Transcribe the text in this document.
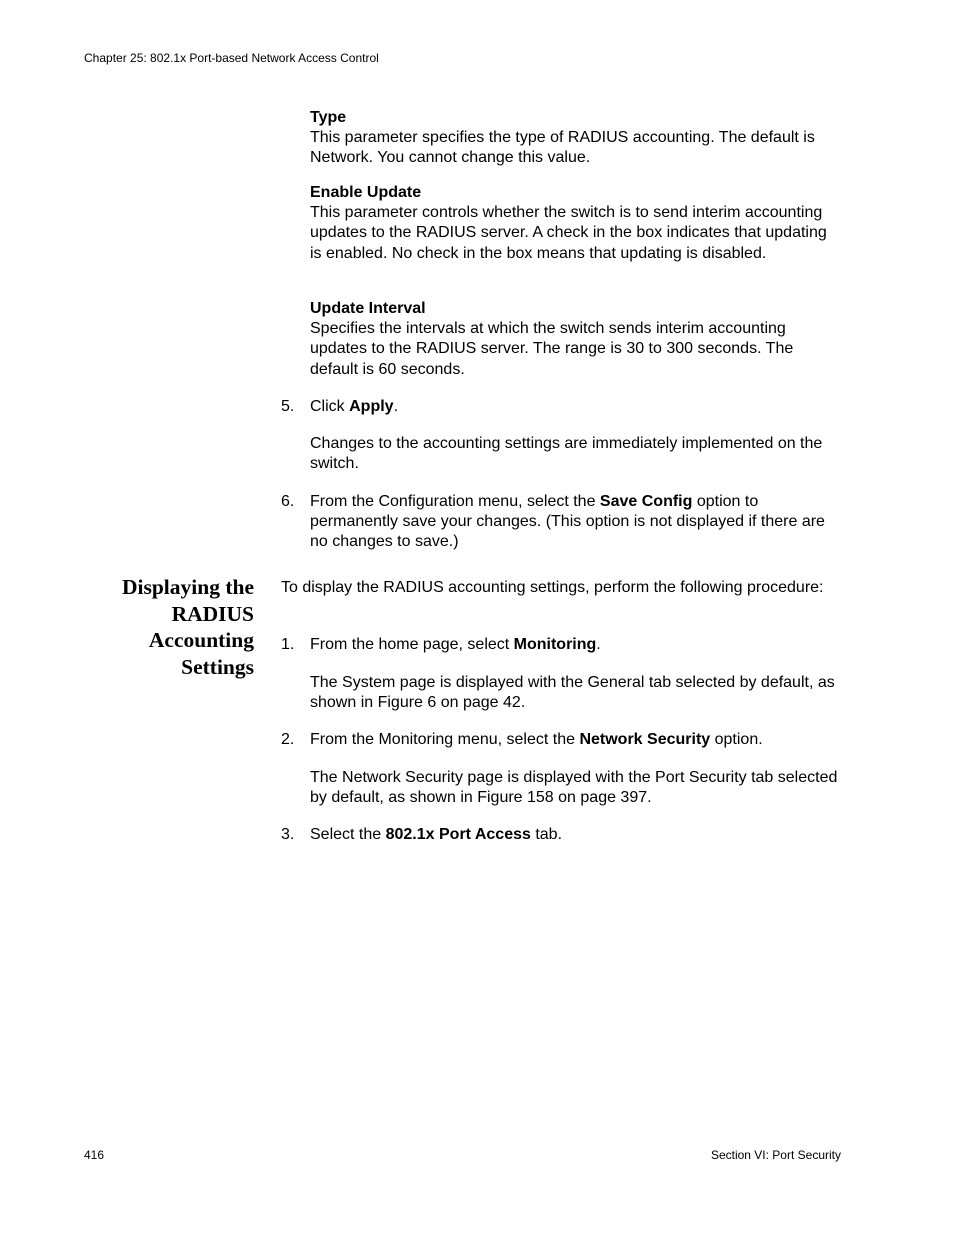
Chapter 25: 802.1x Port-based Network Access Control
Type
This parameter specifies the type of RADIUS accounting. The default is Network. You cannot change this value.
Enable Update
This parameter controls whether the switch is to send interim accounting updates to the RADIUS server. A check in the box indicates that updating is enabled. No check in the box means that updating is disabled.
Update Interval
Specifies the intervals at which the switch sends interim accounting updates to the RADIUS server. The range is 30 to 300 seconds. The default is 60 seconds.
5. Click Apply.
Changes to the accounting settings are immediately implemented on the switch.
6. From the Configuration menu, select the Save Config option to permanently save your changes. (This option is not displayed if there are no changes to save.)
Displaying the
RADIUS
Accounting
Settings
To display the RADIUS accounting settings, perform the following procedure:
1. From the home page, select Monitoring.
The System page is displayed with the General tab selected by default, as shown in Figure 6 on page 42.
2. From the Monitoring menu, select the Network Security option.
The Network Security page is displayed with the Port Security tab selected by default, as shown in Figure 158 on page 397.
3. Select the 802.1x Port Access tab.
416	Section VI: Port Security
